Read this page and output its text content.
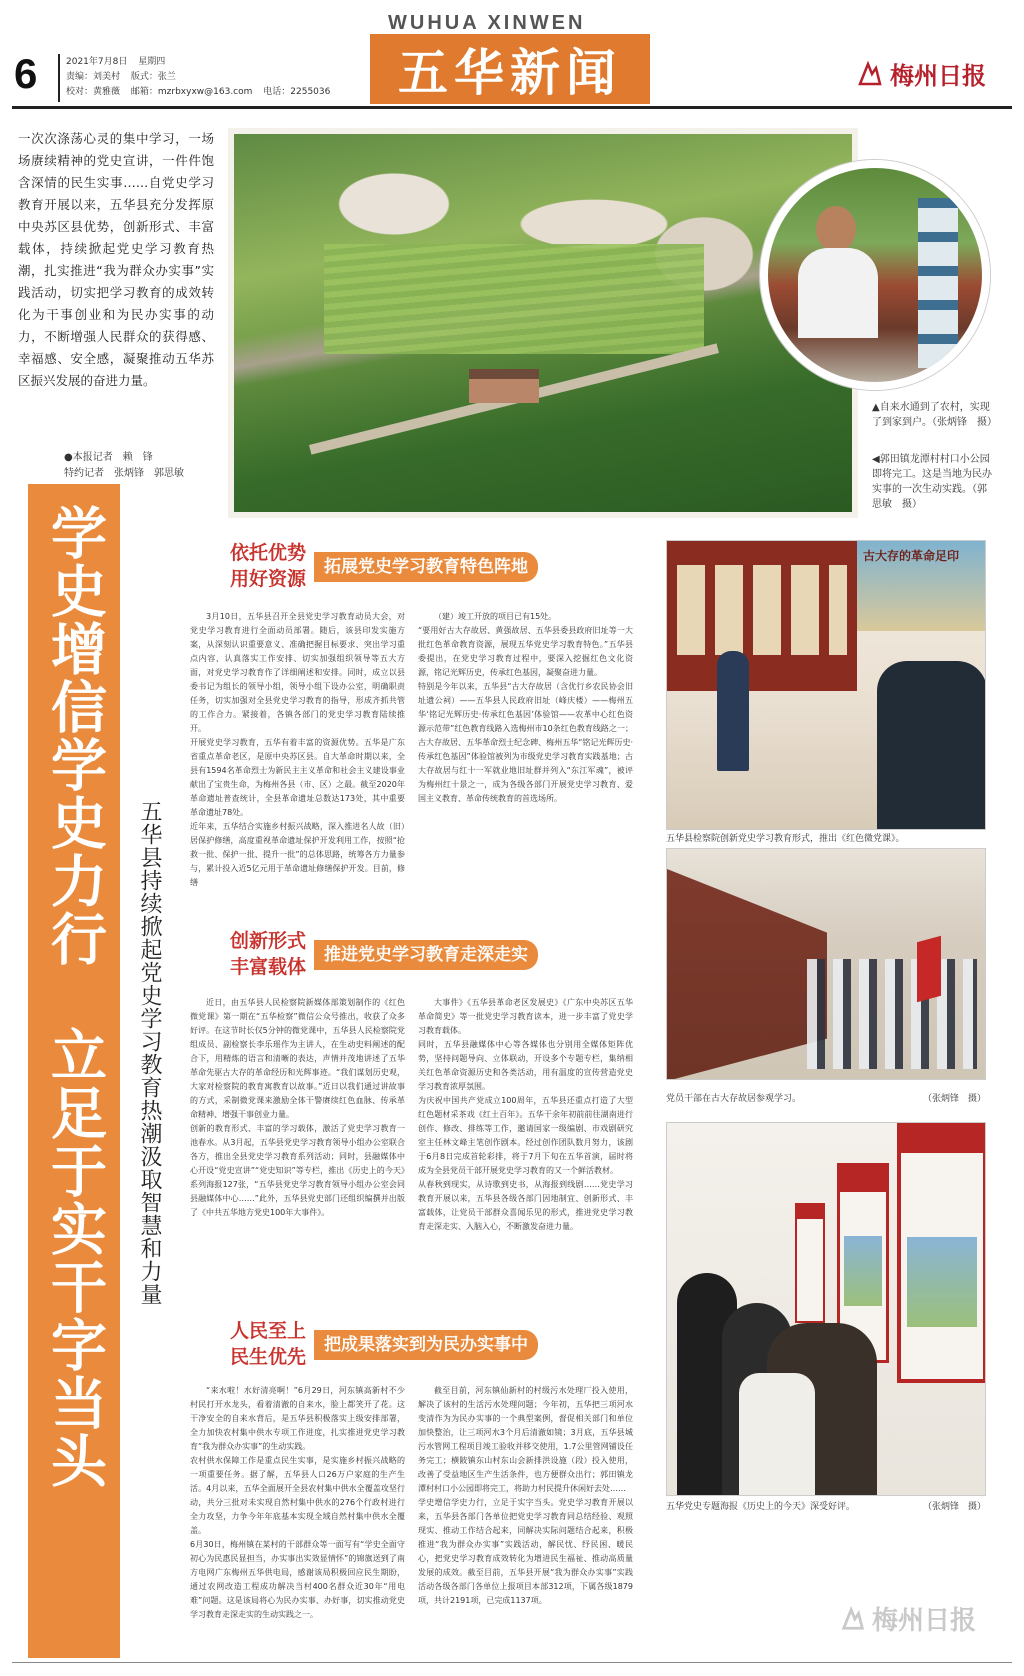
6	2021年7月8日 星期四
责编：刘美村 版式：张兰
校对：黄雅薇 邮箱：mzrbxyxw@163.com 电话：2255036
WUHUA XINWEN
五华新闻	梅州日报
一次次涤荡心灵的集中学习，一场场赓续精神的党史宣讲，一件件饱含深情的民生实事……自党史学习教育开展以来，五华县充分发挥原中央苏区县优势，创新形式、丰富载体，持续掀起党史学习教育热潮，扎实推进“我为群众办实事”实践活动，切实把学习教育的成效转化为干事创业和为民办实事的动力，不断增强人民群众的获得感、幸福感、安全感，凝聚推动五华苏区振兴发展的奋进力量。
●本报记者　赖　锋
特约记者　张炳锋　郭思敏
▲自来水通到了农村，实现了到家到户。（张炳锋　摄）
◀郭田镇龙潭村村口小公园即将完工。这是当地为民办实事的一次生动实践。（郭思敏　摄）
学史增信学史力行　立足于实干字当头	五华县持续掀起党史学习教育热潮汲取智慧和力量
依托优势
用好资源
拓展党史学习教育特色阵地
3月10日，五华县召开全县党史学习教育动员大会，对党史学习教育进行全面动员部署。随后，该县印发实施方案，从深刻认识重要意义、准确把握目标要求、突出学习重点内容、认真落实工作安排、切实加强组织领导等五大方面，对党史学习教育作了详细阐述和安排。同时，成立以县委书记为组长的领导小组，领导小组下设办公室，明确职责任务，切实加强对全县党史学习教育的指导，形成齐抓共管的工作合力。紧接着，各镇各部门的党史学习教育陆续推开。
开展党史学习教育，五华有着丰富的资源优势。五华是广东省重点革命老区，是原中央苏区县。自大革命时期以来，全县有1594名革命烈士为新民主主义革命和社会主义建设事业献出了宝贵生命，为梅州各县（市、区）之最。截至2020年革命遗址普查统计，全县革命遗址总数达173处，其中重要革命遗址78处。
近年来，五华结合实施乡村振兴战略，深入推进名人故（旧）居保护修缮，高度重视革命遗址保护开发利用工作，按照“抢救一批、保护一批、提升一批”的总体思路，统筹各方力量参与，累计投入近5亿元用于革命遗址修缮保护开发。目前，修缮
（建）竣工开放的项目已有15处。
“要用好古大存故居、黄强故居、五华县委县政府旧址等一大批红色革命教育资源，展现五华党史学习教育特色。”五华县委提出，在党史学习教育过程中，要深入挖掘红色文化资源，铭记光辉历史，传承红色基因，凝聚奋进力量。
特别是今年以来，五华县“古大存故居（含优行乡农民协会旧址遗公祠）——五华县人民政府旧址（峰庆楼）——梅州五华‘铭记光辉历史·传承红色基因’体验馆——农革中心红色资源示范带”红色教育线路入选梅州市10条红色教育线路之一；古大存故居、五华革命烈士纪念碑、梅州五华“铭记光辉历史·传承红色基因”体验馆被列为市级党史学习教育实践基地；古大存故居与红十一军就业地旧址群并列入“东江军魂”，被评为梅州红十景之一，成为各级各部门开展党史学习教育、爱国主义教育、革命传统教育的首选场所。
创新形式
丰富载体
推进党史学习教育走深走实
近日，由五华县人民检察院新媒体部策划制作的《红色微党课》第一期在“五华检察”微信公众号推出，收获了众多好评。在这节时长仅5分钟的微党课中，五华县人民检察院党组成员、副检察长李乐瑶作为主讲人，在生动史料阐述的配合下，用精炼的语言和清晰的表达，声情并茂地讲述了五华革命先驱古大存的革命经历和光辉事迹。“我们谋划历史观，大家对检察院的教育寓教育以故事。”近日以我们通过讲故事的方式，采制微党课来激励全体干警赓续红色血脉、传承革命精神、增强干事创业力量。
创新的教育形式、丰富的学习载体，激活了党史学习教育一池春水。从3月起，五华县党史学习教育领导小组办公室联合各方，推出全县党史学习教育系列活动；同时，县融媒体中心开设“党史宣讲”“党史知识”等专栏，推出《历史上的今天》系列海报127张，“五华县党史学习教育领导小组办公室会同县融媒体中心……”此外，五华县党史部门还组织编撰并出版了《中共五华地方党史100年大事件》。
大事件》《五华县革命老区发展史》《广东中央苏区五华革命简史》等一批党史学习教育读本，进一步丰富了党史学习教育载体。
同时，五华县融媒体中心等各媒体也分别用全媒体矩阵优势，坚持问题导向、立体联动，开设多个专题专栏，集纳相关红色革命资源历史和各类活动，用有温度的宣传营造党史学习教育浓厚氛围。
为庆祝中国共产党成立100周年，五华县还重点打造了大型红色题材采茶戏《红土百年》。五华干余年初前前往湖南进行创作、修改、排练等工作，邀请国家一级编剧、市戏剧研究室主任林文峰主笔创作剧本。经过创作团队数月努力，该剧于6月8日完成首轮彩排，将于7月下旬在五华首演，届时将成为全县党员干部开展党史学习教育的又一个鲜活教材。
从春秋到现实，从诗歌到史书，从海报到线剧……党史学习教育开展以来，五华县各级各部门因地制宜、创新形式、丰富载体，让党员干部群众喜闻乐见的形式，推进党史学习教育走深走实、入脑入心，不断激发奋进力量。
人民至上
民生优先
把成果落实到为民办实事中
“来水啦！水好清亮啊！”6月29日，河东镇高新村不少村民打开水龙头，看着清澈的自来水，脸上都笑开了花。这干净安全的自来水背后，是五华县积极落实上级安排部署，全力加快农村集中供水专项工作进度，扎实推进党史学习教育“我为群众办实事”的生动实践。
农村供水保障工作是重点民生实事，是实施乡村振兴战略的一项重要任务。据了解，五华县人口26万户家庭的生产生活。4月以来，五华全面展开全县农村集中供水全覆盖攻坚行动，共分三批对未实现自然村集中供水的276个行政村进行全力攻坚，力争今年年底基本实现全域自然村集中供水全覆盖。
6月30日，梅州镇在某村的干部群众等一面写有“学史全面守初心为民惠民显担当，办实事出实效显情怀”的锦旗送到了南方电网广东梅州五华供电局，感谢该局积极回应民生期盼，通过农网改造工程成功解决当村400名群众近30年“用电难”问题。这是该局将心为民办实事、办好事，切实推动党史学习教育走深走实的生动实践之一。
截至目前，河东镇仙新村的村级污水处理厂投入使用，解决了该村的生活污水处理问题；今年初，五华把三项河水变清作为为民办实事的一个典型案例，督促相关部门和单位加快整治，让三项河水3个月后清澈如镜；3月底，五华县城污水管网工程项目竣工验收并移交使用，1.7公里管网铺设任务完工；横陂镇东山村东山会新排洪设施（段）投入使用，改善了受益地区生产生活条件，也方便群众出行；郭田镇龙潭村村口小公园即将完工，将助力村民提升休闲好去处……
学史增信学史力行，立足于实字当头。党史学习教育开展以来，五华县各部门各单位把党史学习教育同总结经验、观照现实、推动工作结合起来，同解决实际问题结合起来，积极推进“我为群众办实事”实践活动，解民忧、纾民困、暖民心，把党史学习教育成效转化为增进民生福祉、推动高质量发展的成效。截至目前，五华县开展“我为群众办实事”实践活动各级各部门各单位上报项目本部312项，下属各级1879项，共计2191项，已完成1137项。
古大存的革命足印
五华县检察院创新党史学习教育形式，推出《红色微党课》。
党员干部在古大存故居参观学习。	（张炳锋　摄）
五华党史专题海报《历史上的今天》深受好评。	（张炳锋　摄）
梅州日报
